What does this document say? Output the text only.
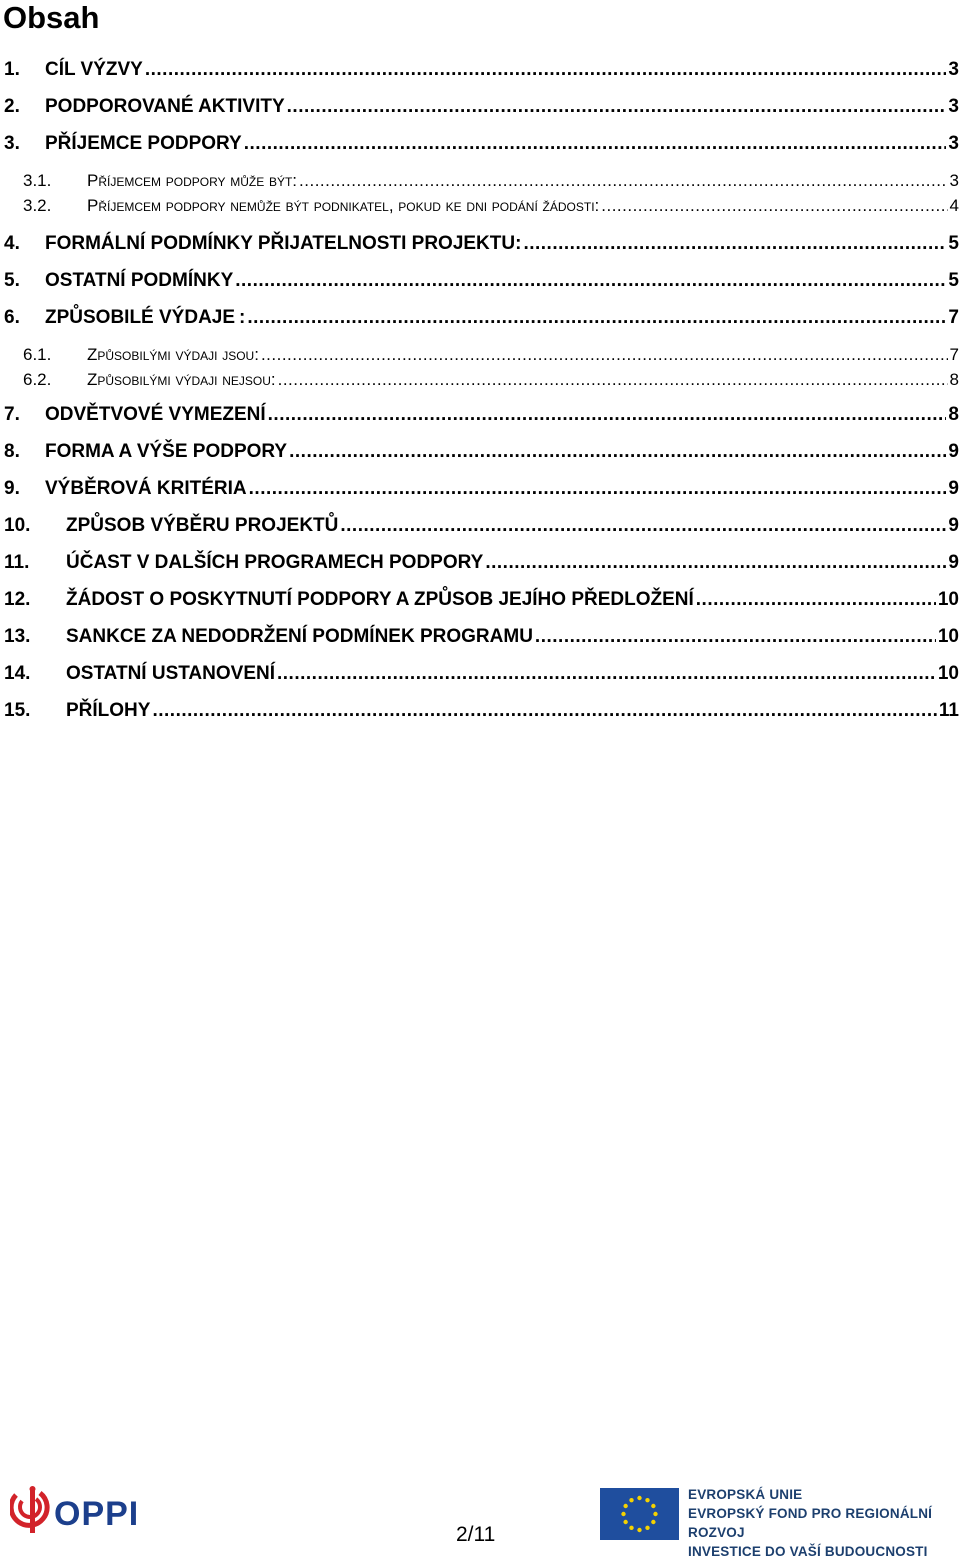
Obsah
1.	CÍL VÝZVY .....	3
2.	PODPOROVANÉ AKTIVITY .....	3
3.	PŘÍJEMCE PODPORY .....	3
3.1.	Příjemcem podpory může být: .....	3
3.2.	Příjemcem podpory nemůže být podnikatel, pokud ke dni podání žádosti: .....	4
4.	FORMÁLNÍ PODMÍNKY PŘIJATELNOSTI PROJEKTU: .....	5
5.	OSTATNÍ PODMÍNKY .....	5
6.	ZPŮSOBILÉ VÝDAJE : .....	7
6.1.	Způsobilými výdaji jsou: .....	7
6.2.	Způsobilými výdaji nejsou: .....	8
7.	ODVĚTVOVÉ VYMEZENÍ .....	8
8.	FORMA A VÝŠE PODPORY .....	9
9.	VÝBĚROVÁ KRITÉRIA .....	9
10.	ZPŮSOB VÝBĚRU PROJEKTŮ .....	9
11.	ÚČAST V DALŠÍCH PROGRAMECH PODPORY .....	9
12.	ŽÁDOST O POSKYTNUTÍ PODPORY A ZPŮSOB JEJÍHO PŘEDLOŽENÍ .....	10
13.	SANKCE ZA NEDODRŽENÍ PODMÍNEK PROGRAMU .....	10
14.	OSTATNÍ USTANOVENÍ .....	10
15.	PŘÍLOHY .....	11
OPPI
2/11
EVROPSKÁ UNIE
EVROPSKÝ FOND PRO REGIONÁLNÍ ROZVOJ
INVESTICE DO VAŠÍ BUDOUCNOSTI
